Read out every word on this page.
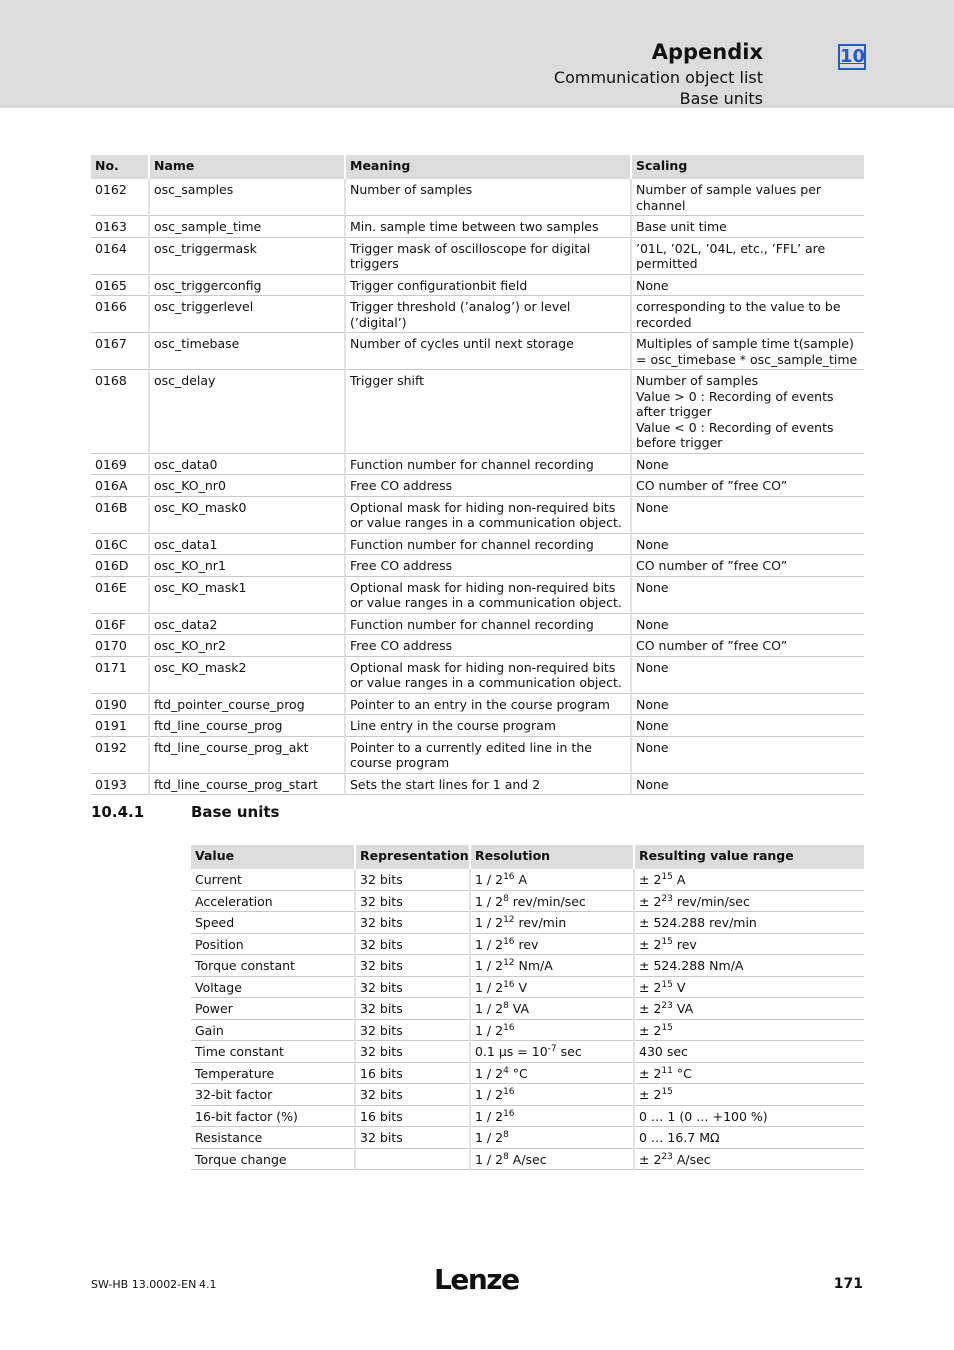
Appendix
Communication object list
Base units
10
No.	Name	Meaning	Scaling
0162	osc_samples	Number of samples	Number of sample values per channel
0163	osc_sample_time	Min. sample time between two samples	Base unit time
0164	osc_triggermask	Trigger mask of oscilloscope for digital triggers	’01L, ’02L, ’04L, etc., ’FFL’ are permitted
0165	osc_triggerconfig	Trigger configurationbit field	None
0166	osc_triggerlevel	Trigger threshold (’analog’) or level (’digital’)	corresponding to the value to be recorded
0167	osc_timebase	Number of cycles until next storage	Multiples of sample time t(sample) = osc_timebase * osc_sample_time
0168	osc_delay	Trigger shift	Number of samples
Value > 0 : Recording of events after trigger
Value < 0 : Recording of events before trigger
0169	osc_data0	Function number for channel recording	None
016A	osc_KO_nr0	Free CO address	CO number of ”free CO”
016B	osc_KO_mask0	Optional mask for hiding non-required bits or value ranges in a communication object.	None
016C	osc_data1	Function number for channel recording	None
016D	osc_KO_nr1	Free CO address	CO number of ”free CO”
016E	osc_KO_mask1	Optional mask for hiding non-required bits or value ranges in a communication object.	None
016F	osc_data2	Function number for channel recording	None
0170	osc_KO_nr2	Free CO address	CO number of ”free CO”
0171	osc_KO_mask2	Optional mask for hiding non-required bits or value ranges in a communication object.	None
0190	ftd_pointer_course_prog	Pointer to an entry in the course program	None
0191	ftd_line_course_prog	Line entry in the course program	None
0192	ftd_line_course_prog_akt	Pointer to a currently edited line in the course program	None
0193	ftd_line_course_prog_start	Sets the start lines for 1 and 2	None
10.4.1	Base units
Value	Representation	Resolution	Resulting value range
Current	32 bits	$1 / 2^{16}$ A	± $2^{15}$ A
Acceleration	32 bits	$1 / 2^8$ rev/min/sec	± $2^{23}$ rev/min/sec
Speed	32 bits	$1 / 2^{12}$ rev/min	± 524.288 rev/min
Position	32 bits	$1 / 2^{16}$ rev	± $2^{15}$ rev
Torque constant	32 bits	$1 / 2^{12}$ Nm/A	± 524.288 Nm/A
Voltage	32 bits	$1 / 2^{16}$ V	± $2^{15}$ V
Power	32 bits	$1 / 2^8$ VA	± $2^{23}$ VA
Gain	32 bits	$1 / 2^{16}$	± $2^{15}$
Time constant	32 bits	0.1 $\mu s = 10^{-7}$ sec	430 sec
Temperature	16 bits	$1 / 2^4$ °C	± $2^{11}$ °C
32-bit factor	32 bits	$1 / 2^{16}$	± $2^{15}$
16-bit factor (%)	16 bits	$1 / 2^{16}$	0 … 1 (0 … +100 %)
Resistance	32 bits	$1 / 2^8$	0 … 16.7 MΩ
Torque change		$1 / 2^8$ A/sec	± $2^{23}$ A/sec
SW-HB 13.0002-EN 4.1	Lenze	171
